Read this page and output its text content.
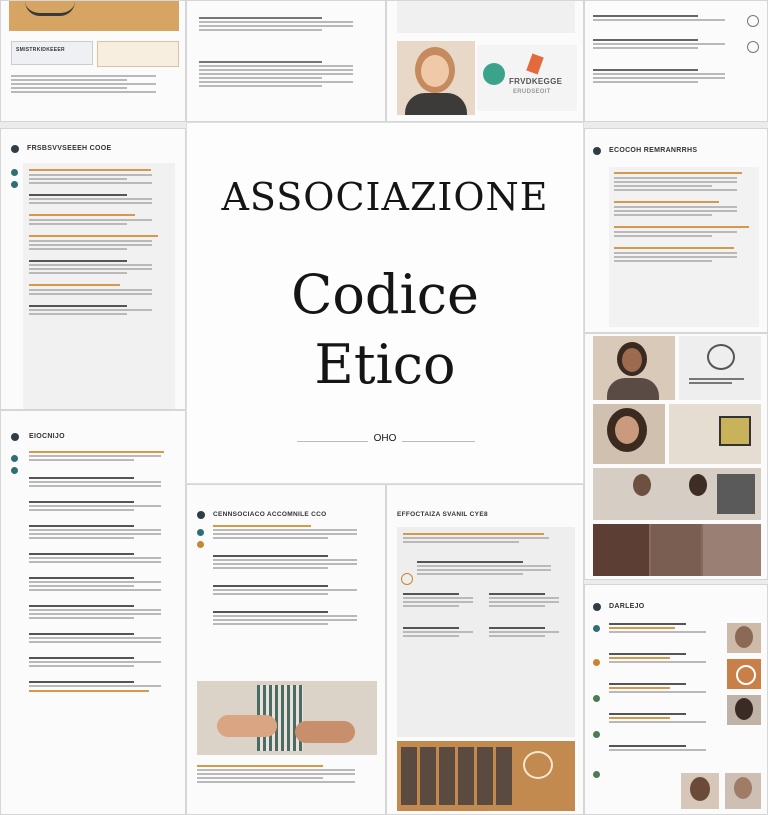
SMISTRKIDKEEER
FRVDKEGGE
ERUDSEOIT
FRSBSVVSEEEH COOE
EIOCNIJO
ASSOCIAZIONE
Codice
Etico
OHO
ECOCOH REMRANRRHS
DARLEJO
CENNSOCIACO ACCOMNILE CCO	EFFOCTAIZA SVANIL CYE8
